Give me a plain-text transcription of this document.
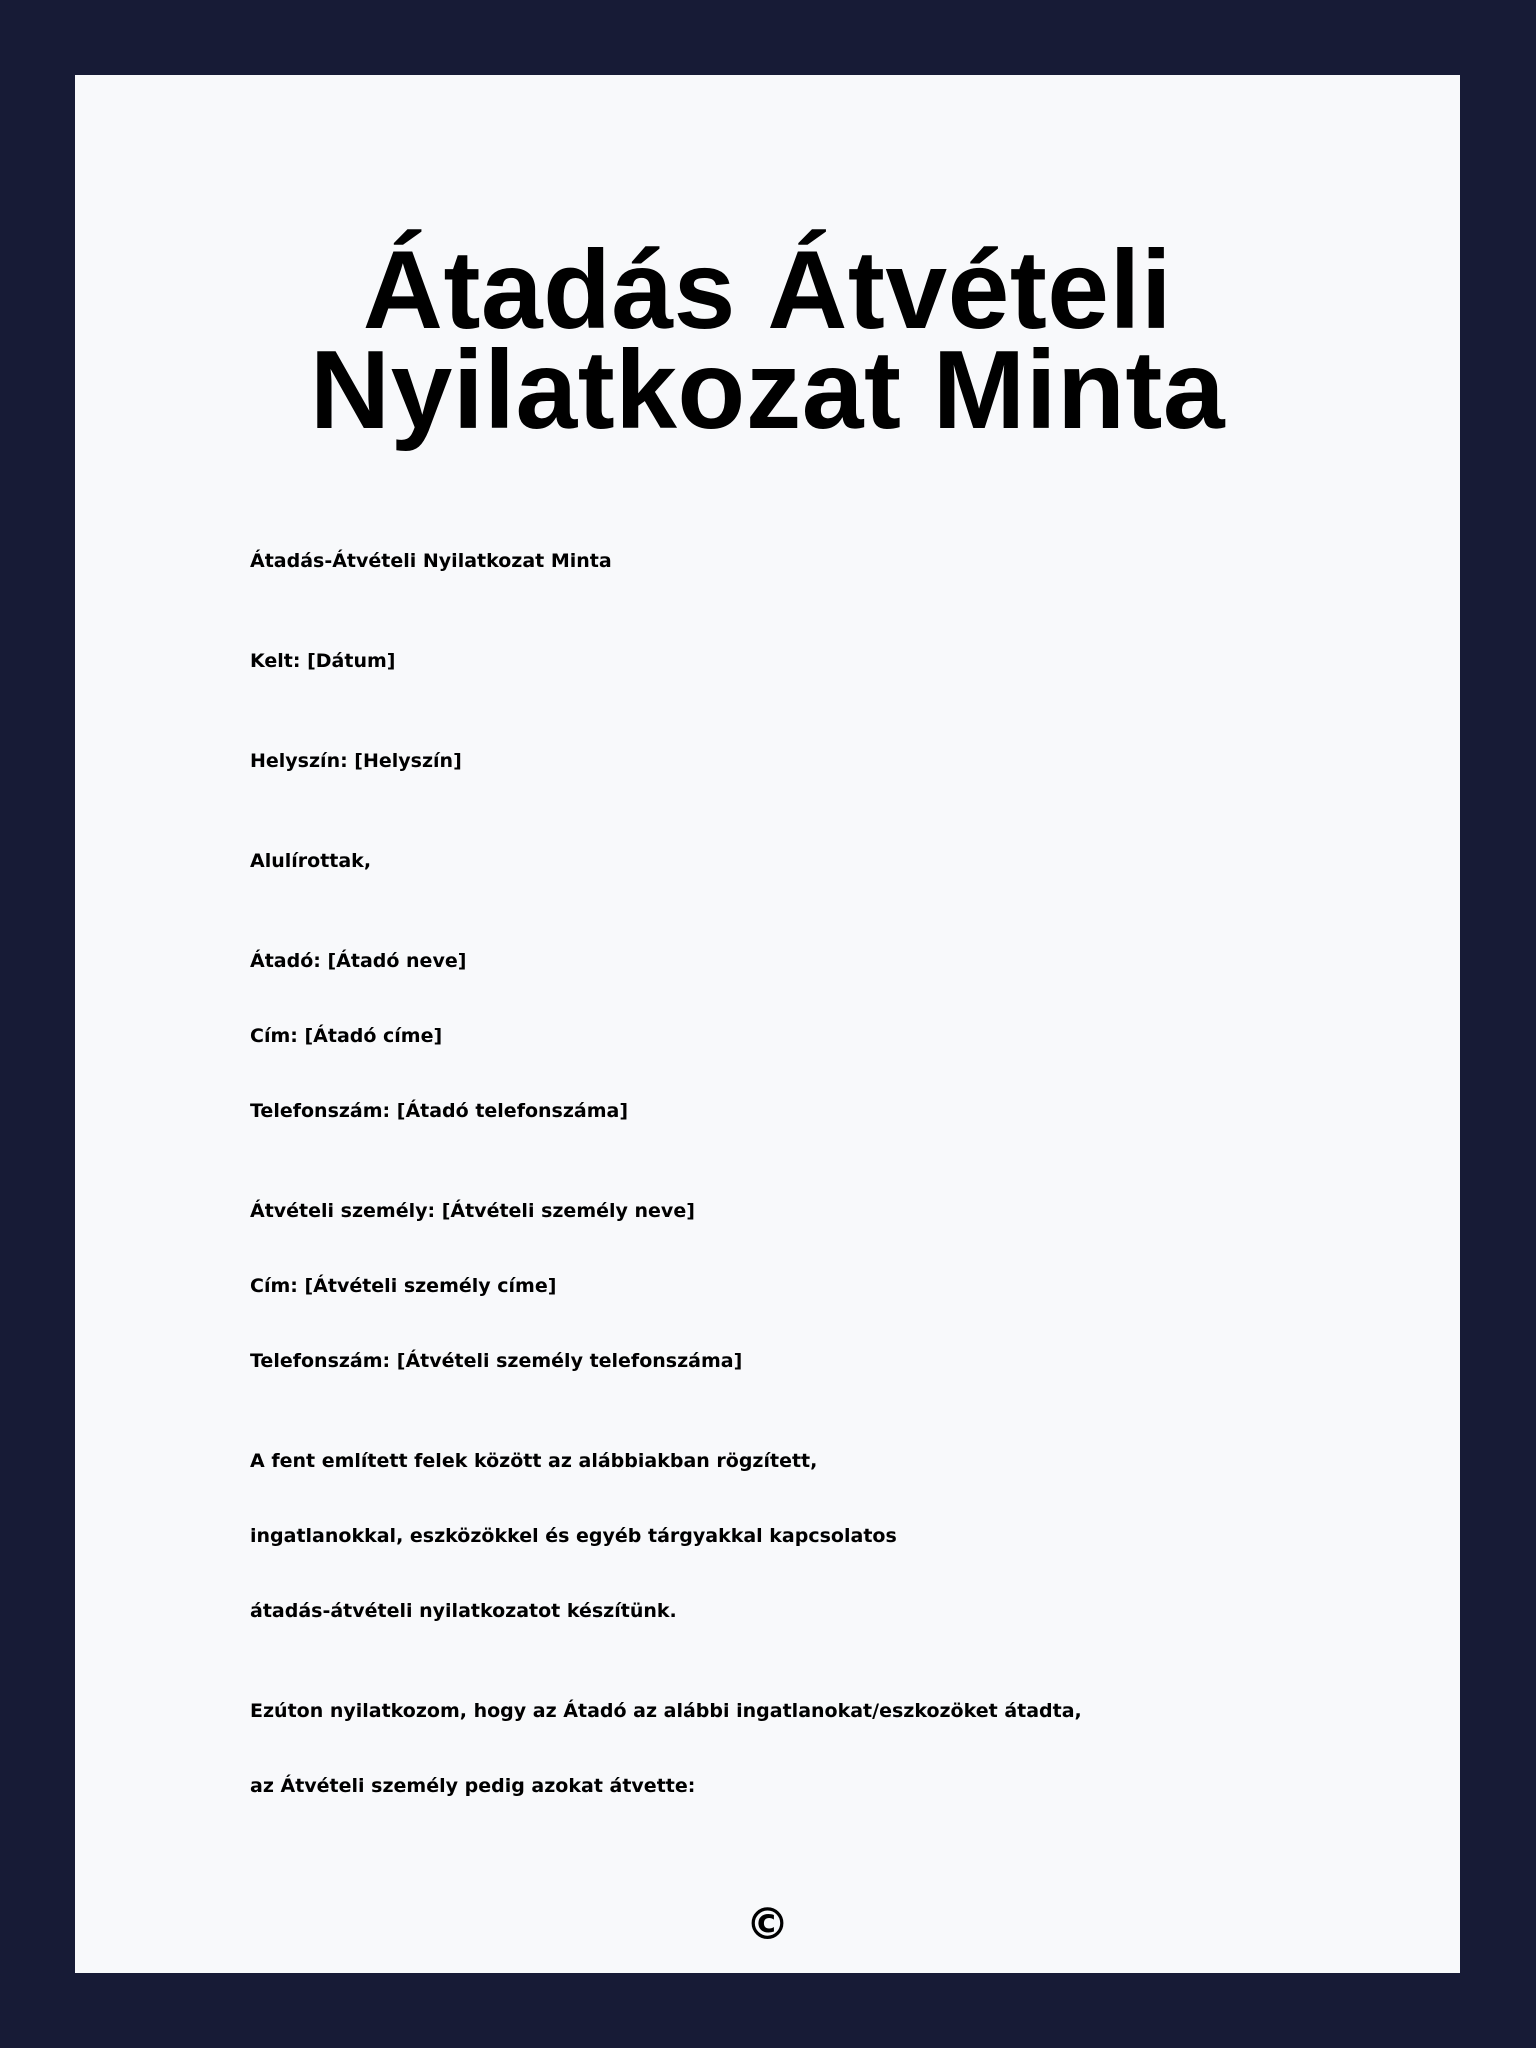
Átadás Átvételi Nyilatkozat Minta
Átadás-Átvételi Nyilatkozat Minta
Kelt: [Dátum]
Helyszín: [Helyszín]
Alulírottak,
Átadó: [Átadó neve]
Cím: [Átadó címe]
Telefonszám: [Átadó telefonszáma]
Átvételi személy: [Átvételi személy neve]
Cím: [Átvételi személy címe]
Telefonszám: [Átvételi személy telefonszáma]
A fent említett felek között az alábbiakban rögzített,
ingatlanokkal, eszközökkel és egyéb tárgyakkal kapcsolatos
átadás-átvételi nyilatkozatot készítünk.
Ezúton nyilatkozom, hogy az Átadó az alábbi ingatlanokat/eszkozöket átadta,
az Átvételi személy pedig azokat átvette:
©
